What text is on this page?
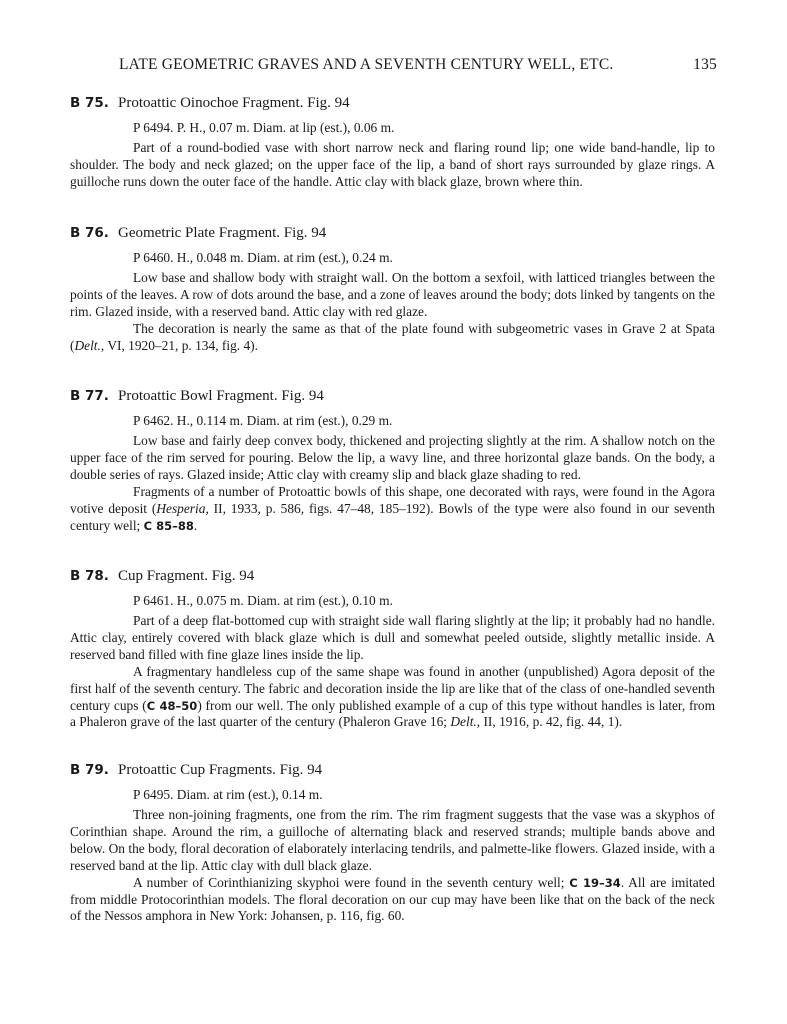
LATE GEOMETRIC GRAVES AND A SEVENTH CENTURY WELL, ETC.	135
B 75. Protoattic Oinochoe Fragment. Fig. 94
P 6494. P. H., 0.07 m. Diam. at lip (est.), 0.06 m.

Part of a round-bodied vase with short narrow neck and flaring round lip; one wide band-handle, lip to shoulder. The body and neck glazed; on the upper face of the lip, a band of short rays surrounded by glaze rings. A guilloche runs down the outer face of the handle. Attic clay with black glaze, brown where thin.

B 76. Geometric Plate Fragment. Fig. 94
P 6460. H., 0.048 m. Diam. at rim (est.), 0.24 m.

Low base and shallow body with straight wall. On the bottom a sexfoil, with latticed triangles between the points of the leaves. A row of dots around the base, and a zone of leaves around the body; dots linked by tangents on the rim. Glazed inside, with a reserved band. Attic clay with red glaze.

The decoration is nearly the same as that of the plate found with subgeometric vases in Grave 2 at Spata (Delt., VI, 1920–21, p. 134, fig. 4).

B 77. Protoattic Bowl Fragment. Fig. 94
P 6462. H., 0.114 m. Diam. at rim (est.), 0.29 m.

Low base and fairly deep convex body, thickened and projecting slightly at the rim. A shallow notch on the upper face of the rim served for pouring. Below the lip, a wavy line, and three horizontal glaze bands. On the body, a double series of rays. Glazed inside; Attic clay with creamy slip and black glaze shading to red.

Fragments of a number of Protoattic bowls of this shape, one decorated with rays, were found in the Agora votive deposit (Hesperia, II, 1933, p. 586, figs. 47–48, 185–192). Bowls of the type were also found in our seventh century well; C 85–88.

B 78. Cup Fragment. Fig. 94
P 6461. H., 0.075 m. Diam. at rim (est.), 0.10 m.

Part of a deep flat-bottomed cup with straight side wall flaring slightly at the lip; it probably had no handle. Attic clay, entirely covered with black glaze which is dull and somewhat peeled outside, slightly metallic inside. A reserved band filled with fine glaze lines inside the lip.

A fragmentary handleless cup of the same shape was found in another (unpublished) Agora deposit of the first half of the seventh century. The fabric and decoration inside the lip are like that of the class of one-handled seventh century cups (C 48–50) from our well. The only published example of a cup of this type without handles is later, from a Phaleron grave of the last quarter of the century (Phaleron Grave 16; Delt., II, 1916, p. 42, fig. 44, 1).

B 79. Protoattic Cup Fragments. Fig. 94
P 6495. Diam. at rim (est.), 0.14 m.

Three non-joining fragments, one from the rim. The rim fragment suggests that the vase was a skyphos of Corinthian shape. Around the rim, a guilloche of alternating black and reserved strands; multiple bands above and below. On the body, floral decoration of elaborately interlacing tendrils, and palmette-like flowers. Glazed inside, with a reserved band at the lip. Attic clay with dull black glaze.

A number of Corinthianizing skyphoi were found in the seventh century well; C 19–34. All are imitated from middle Protocorinthian models. The floral decoration on our cup may have been like that on the back of the neck of the Nessos amphora in New York: Johansen, p. 116, fig. 60.
